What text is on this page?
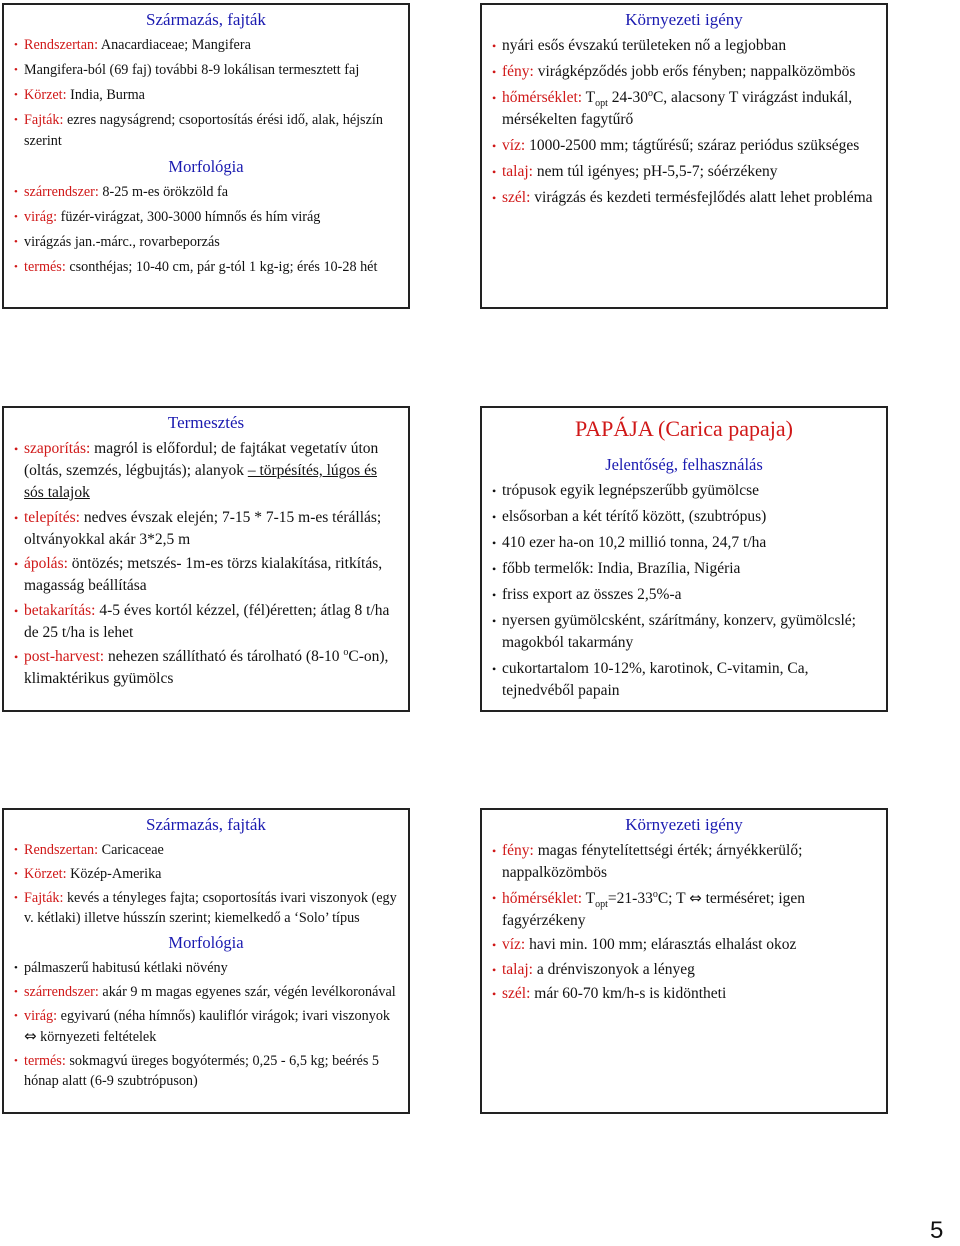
Származás, fajták
• Rendszertan: Anacardiaceae; Mangifera
• Mangifera-ból (69 faj) további 8-9 lokálisan termesztett faj
• Körzet: India, Burma
• Fajták: ezres nagyságrend; csoportosítás érési idő, alak, héjszín szerint
Morfológia
• szárrendszer: 8-25 m-es örökzöld fa
• virág: füzér-virágzat, 300-3000 hímnős és hím virág
• virágzás jan.-márc., rovarbeporzás
• termés: csonthéjas; 10-40 cm, pár g-tól 1 kg-ig; érés 10-28 hét
Környezeti igény
• nyári esős évszakú területeken nő a legjobban
• fény: virágképződés jobb erős fényben; nappalközömbös
• hőmérséklet: $T_{opt}$ 24-30$^o$C, alacsony T virágzást indukál, mérsékelten fagytűrő
• víz: 1000-2500 mm; tágtűrésű; száraz periódus szükséges
• talaj: nem túl igényes; pH-5,5-7; sóérzékeny
• szél: virágzás és kezdeti termésfejlődés alatt lehet probléma
Termesztés
• szaporítás: magról is előfordul; de fajtákat vegetatív úton (oltás, szemzés, légbujtás); alanyok – törpésítés, lúgos és sós talajok
• telepítés: nedves évszak elején; 7-15 * 7-15 m-es térállás; oltványokkal akár 3*2,5 m
• ápolás: öntözés; metszés- 1m-es törzs kialakítása, ritkítás, magasság beállítása
• betakarítás: 4-5 éves kortól kézzel, (fél)éretten; átlag 8 t/ha de 25 t/ha is lehet
• post-harvest: nehezen szállítható és tárolható (8-10 $^o$C-on), klimaktérikus gyümölcs
PAPÁJA (Carica papaja)
Jelentőség, felhasználás
• trópusok egyik legnépszerűbb gyümölcse
• elsősorban a két térítő között, (szubtrópus)
• 410 ezer ha-on 10,2 millió tonna, 24,7 t/ha
• főbb termelők: India, Brazília, Nigéria
• friss export az összes 2,5%-a
• nyersen gyümölcsként, szárítmány, konzerv, gyümölcslé; magokból takarmány
• cukortartalom 10-12%, karotinok, C-vitamin, Ca, tejnedvéből papain
Származás, fajták
• Rendszertan: Caricaceae
• Körzet: Közép-Amerika
• Fajták: kevés a tényleges fajta; csoportosítás ivari viszonyok (egy v. kétlaki) illetve hússzín szerint; kiemelkedő a ‘Solo’ típus
Morfológia
• pálmaszerű habitusú kétlaki növény
• szárrendszer: akár 9 m magas egyenes szár, végén levélkoronával
• virág: egyivarú (néha hímnős) kauliflór virágok; ivari viszonyok ⇔ környezeti feltételek
• termés: sokmagvú üreges bogyótermés; 0,25 - 6,5 kg; beérés 5 hónap alatt (6-9 szubtrópuson)
Környezeti igény
• fény: magas fénytelítettségi érték; árnyékkerülő; nappalközömbös
• hőmérséklet: $T_{opt}=21-33^oC$; T ⇔ terméséret; igen fagyérzékeny
• víz: havi min. 100 mm; elárasztás elhalást okoz
• talaj: a drénviszonyok a lényeg
• szél: már 60-70 km/h-s is kidöntheti
5
